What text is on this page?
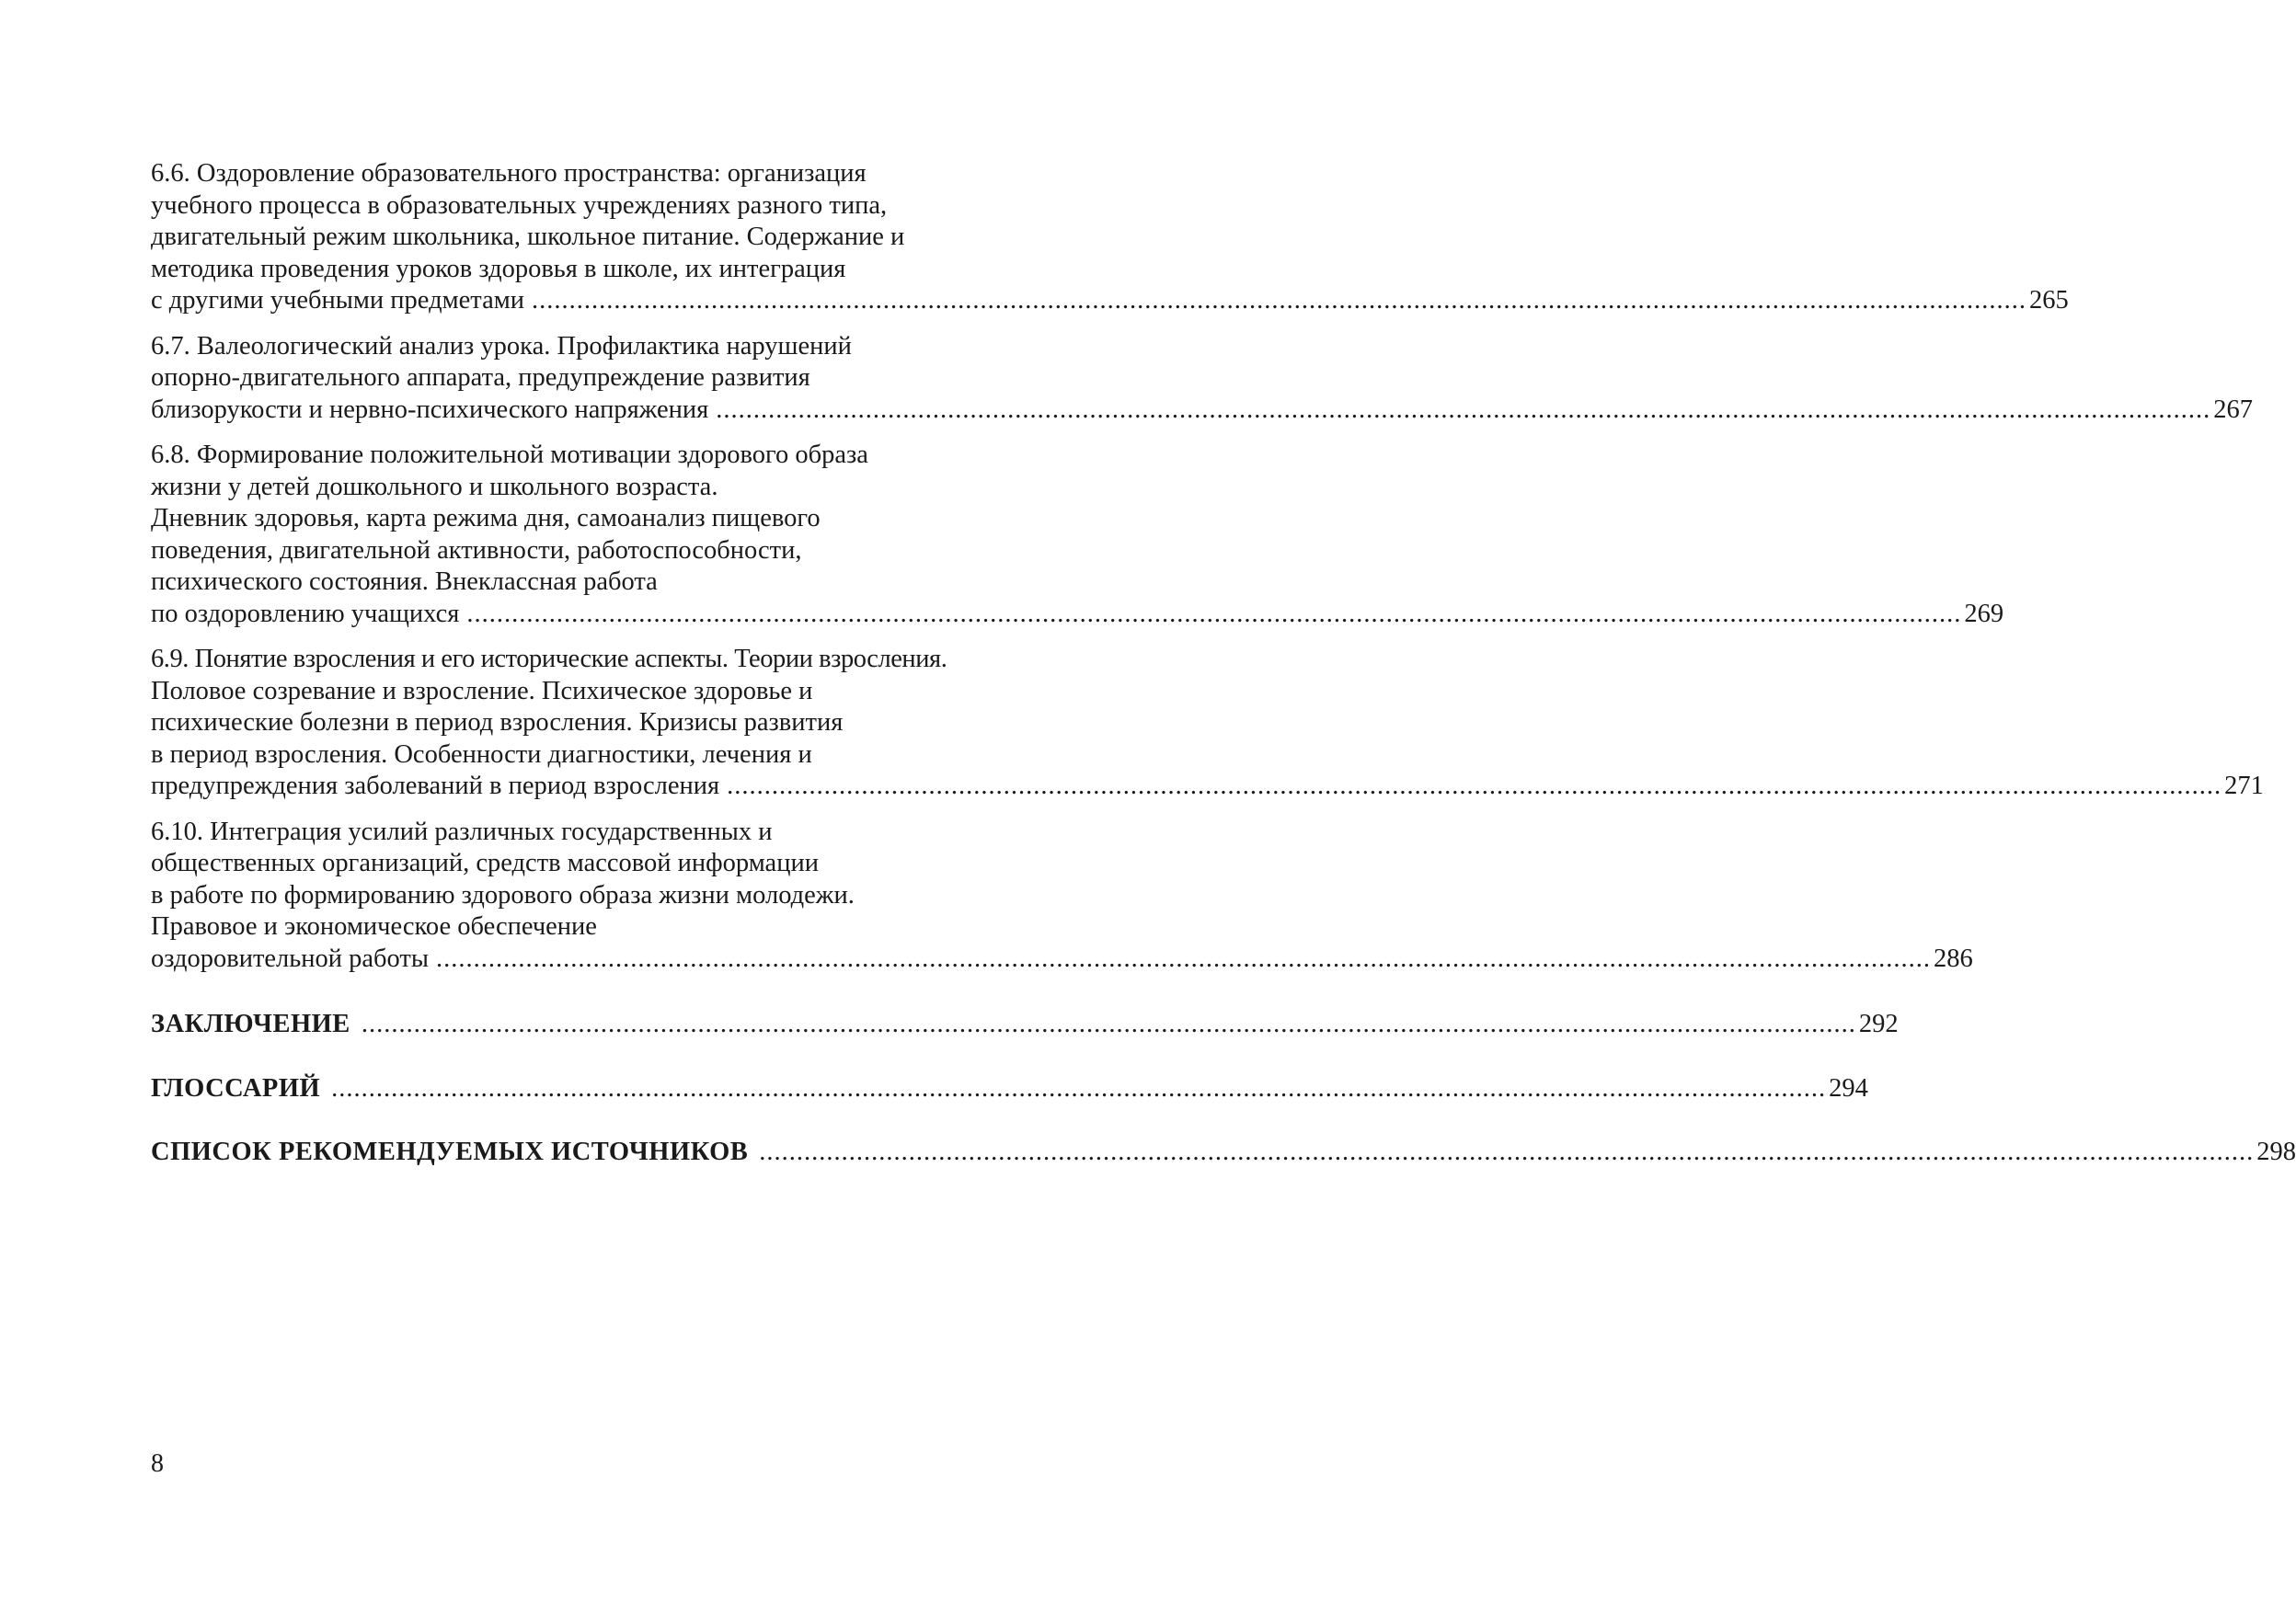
6.6. Оздоровление образовательного пространства: организация
учебного процесса в образовательных учреждениях разного типа,
двигательный режим школьника, школьное питание. Содержание и
методика проведения уроков здоровья в школе, их интеграция
с другими учебными предметами ........................................................................................................................................................................................................ 265
6.7. Валеологический анализ урока. Профилактика нарушений
опорно-двигательного аппарата, предупреждение развития
близорукости и нервно-психического напряжения ........................................................................................................................................................................................................ 267
6.8. Формирование положительной мотивации здорового образа
жизни у детей дошкольного и школьного возраста.
Дневник здоровья, карта режима дня, самоанализ пищевого
поведения, двигательной активности, работоспособности,
психического состояния. Внеклассная работа
по оздоровлению учащихся ........................................................................................................................................................................................................ 269
6.9. Понятие взросления и его исторические аспекты. Теории взросления.
Половое созревание и взросление. Психическое здоровье и
психические болезни в период взросления. Кризисы развития
в период взросления. Особенности диагностики, лечения и
предупреждения заболеваний в период взросления ........................................................................................................................................................................................................ 271
6.10. Интеграция усилий различных государственных и
общественных организаций, средств массовой информации
в работе по формированию здорового образа жизни молодежи.
Правовое и экономическое обеспечение
оздоровительной работы ........................................................................................................................................................................................................ 286
ЗАКЛЮЧЕНИЕ ........................................................................................................................................................................................................ 292
ГЛОССАРИЙ ........................................................................................................................................................................................................ 294
СПИСОК РЕКОМЕНДУЕМЫХ ИСТОЧНИКОВ ........................................................................................................................................................................................................ 298
8
